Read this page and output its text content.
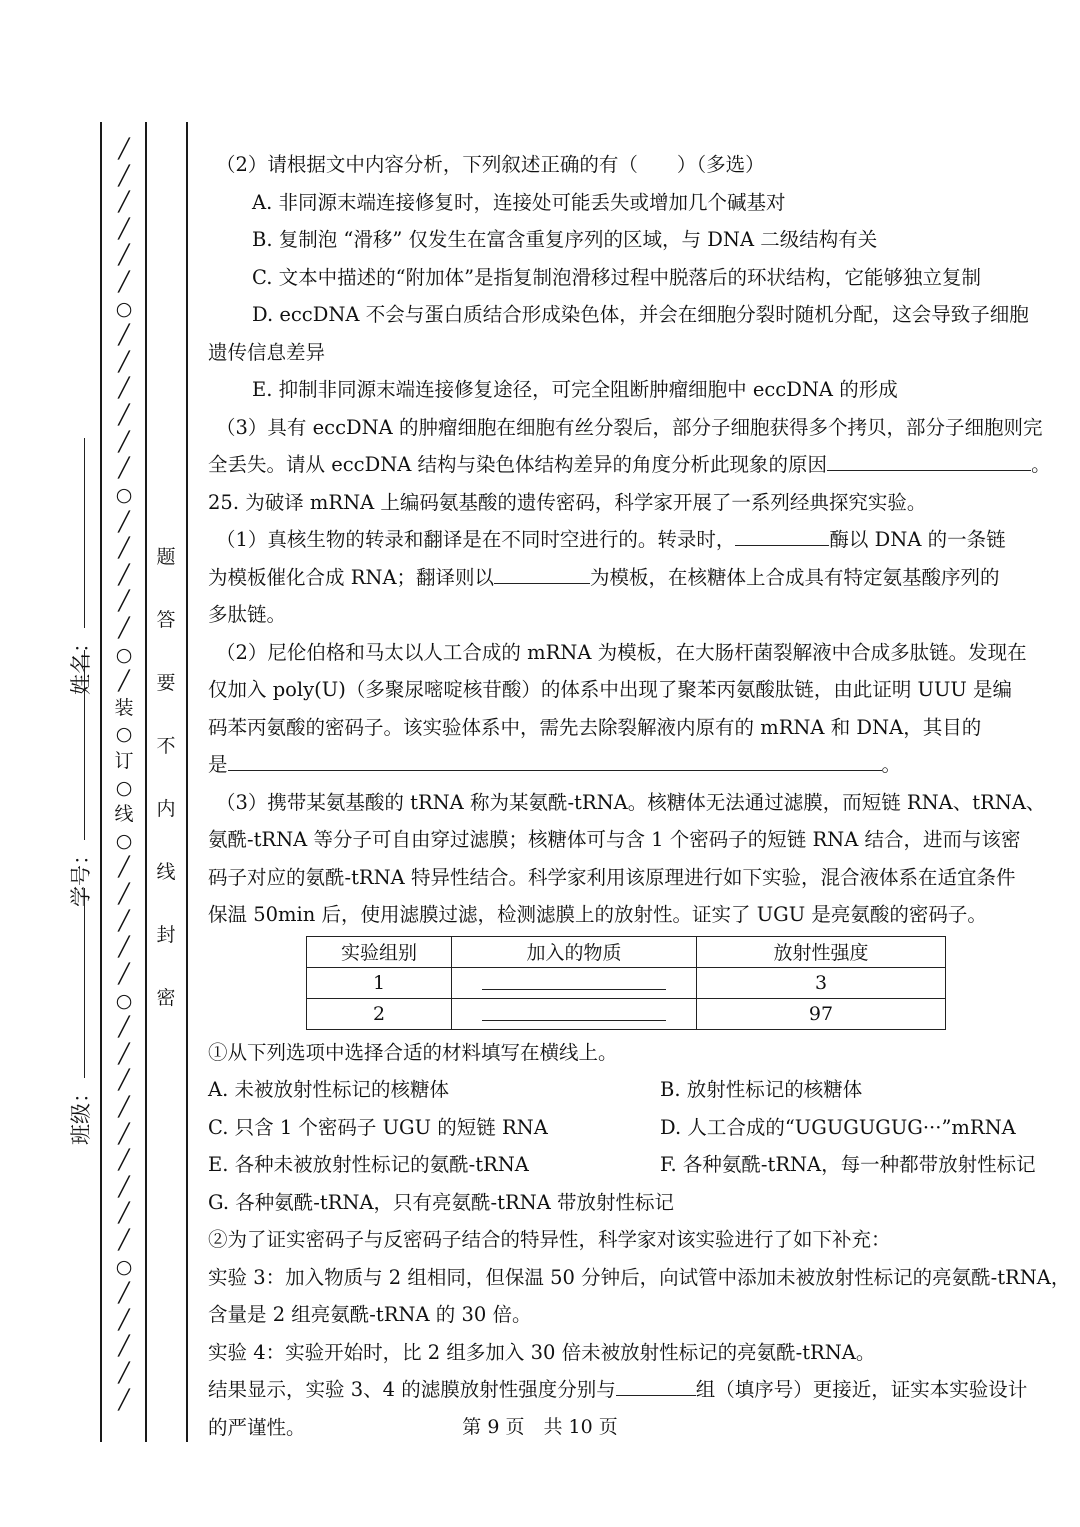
╱
╱
╱
╱
╱
╱
○
╱
╱
╱
╱
╱
╱
○
╱
╱
╱
╱
╱
○
╱
装
○
订
○
线
○
╱
╱
╱
╱
╱
○
╱
╱
╱
╱
╱
╱
╱
╱
╱
○
╱
╱
╱
╱
╱
题
答
要
不
内
线
封
密
班级：
学号：
姓名：

（2）请根据文中内容分析，下列叙述正确的有（　　）（多选）

A. 非同源末端连接修复时，连接处可能丢失或增加几个碱基对

B. 复制泡 “滑移” 仅发生在富含重复序列的区域，与 DNA 二级结构有关

C. 文本中描述的“附加体”是指复制泡滑移过程中脱落后的环状结构，它能够独立复制

D. eccDNA 不会与蛋白质结合形成染色体，并会在细胞分裂时随机分配，这会导致子细胞

遗传信息差异

E. 抑制非同源末端连接修复途径，可完全阻断肿瘤细胞中 eccDNA 的形成

（3）具有 eccDNA 的肿瘤细胞在细胞有丝分裂后，部分子细胞获得多个拷贝，部分子细胞则完

全丢失。请从 eccDNA 结构与染色体结构差异的角度分析此现象的原因	。

25. 为破译 mRNA 上编码氨基酸的遗传密码，科学家开展了一系列经典探究实验。

（1）真核生物的转录和翻译是在不同时空进行的。转录时，	酶以 DNA 的一条链

为模板催化合成 RNA；翻译则以	为模板，在核糖体上合成具有特定氨基酸序列的

多肽链。

（2）尼伦伯格和马太以人工合成的 mRNA 为模板，在大肠杆菌裂解液中合成多肽链。发现在

仅加入 poly(U)（多聚尿嘧啶核苷酸）的体系中出现了聚苯丙氨酸肽链，由此证明 UUU 是编

码苯丙氨酸的密码子。该实验体系中，需先去除裂解液内原有的 mRNA 和 DNA，其目的

是	。

（3）携带某氨基酸的 tRNA 称为某氨酰-tRNA。核糖体无法通过滤膜，而短链 RNA、tRNA、

氨酰-tRNA 等分子可自由穿过滤膜；核糖体可与含 1 个密码子的短链 RNA 结合，进而与该密

码子对应的氨酰-tRNA 特异性结合。科学家利用该原理进行如下实验，混合液体系在适宜条件

保温 50min 后，使用滤膜过滤，检测滤膜上的放射性。证实了 UGU 是亮氨酸的密码子。

实验组别	加入的物质	放射性强度
1		3
2		97

①从下列选项中选择合适的材料填写在横线上。

A. 未被放射性标记的核糖体	B. 放射性标记的核糖体
C. 只含 1 个密码子 UGU 的短链 RNA	D. 人工合成的“UGUGUGUG···”mRNA
E. 各种未被放射性标记的氨酰-tRNA	F. 各种氨酰-tRNA，每一种都带放射性标记

G. 各种氨酰-tRNA，只有亮氨酰-tRNA 带放射性标记

②为了证实密码子与反密码子结合的特异性，科学家对该实验进行了如下补充：

实验 3：加入物质与 2 组相同，但保温 50 分钟后，向试管中添加未被放射性标记的亮氨酰-tRNA，

含量是 2 组亮氨酰-tRNA 的 30 倍。

实验 4：实验开始时，比 2 组多加入 30 倍未被放射性标记的亮氨酰-tRNA。

结果显示，实验 3、4 的滤膜放射性强度分别与	组（填序号）更接近，证实本实验设计

的严谨性。	第 9 页　共 10 页
